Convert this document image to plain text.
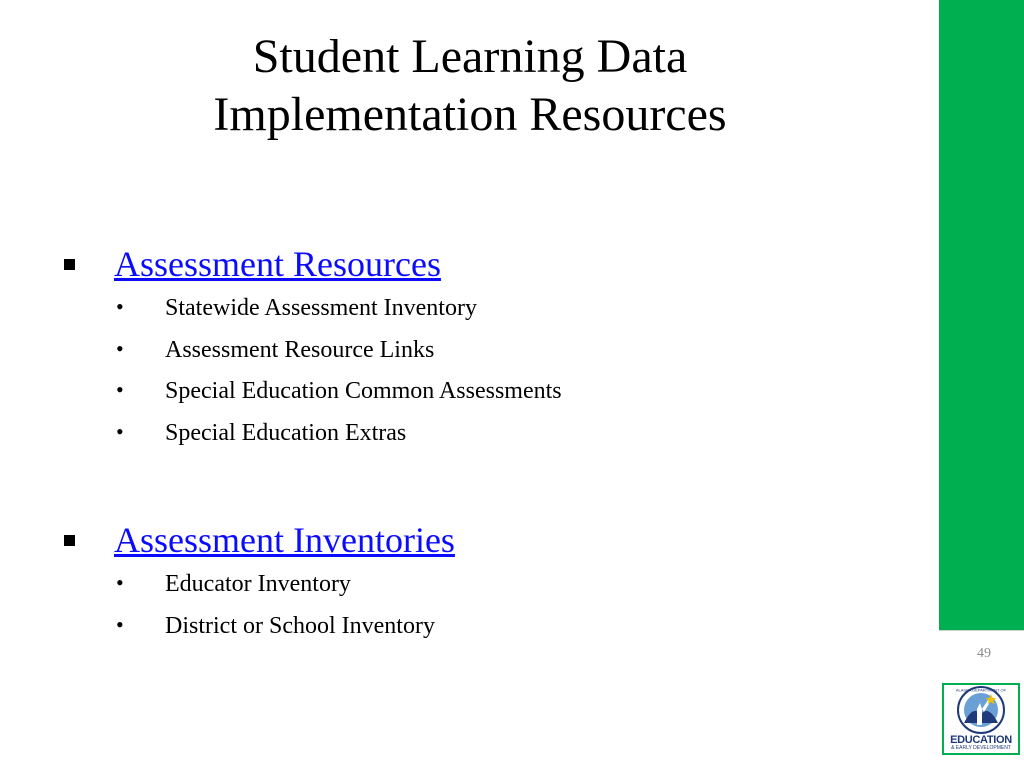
Student Learning Data
Implementation Resources
Assessment Resources
• Statewide Assessment Inventory
• Assessment Resource Links
• Special Education Common Assessments
• Special Education Extras
Assessment Inventories
• Educator Inventory
• District or School Inventory
49
ALASKA DEPARTMENT OF
EDUCATION
& EARLY DEVELOPMENT
